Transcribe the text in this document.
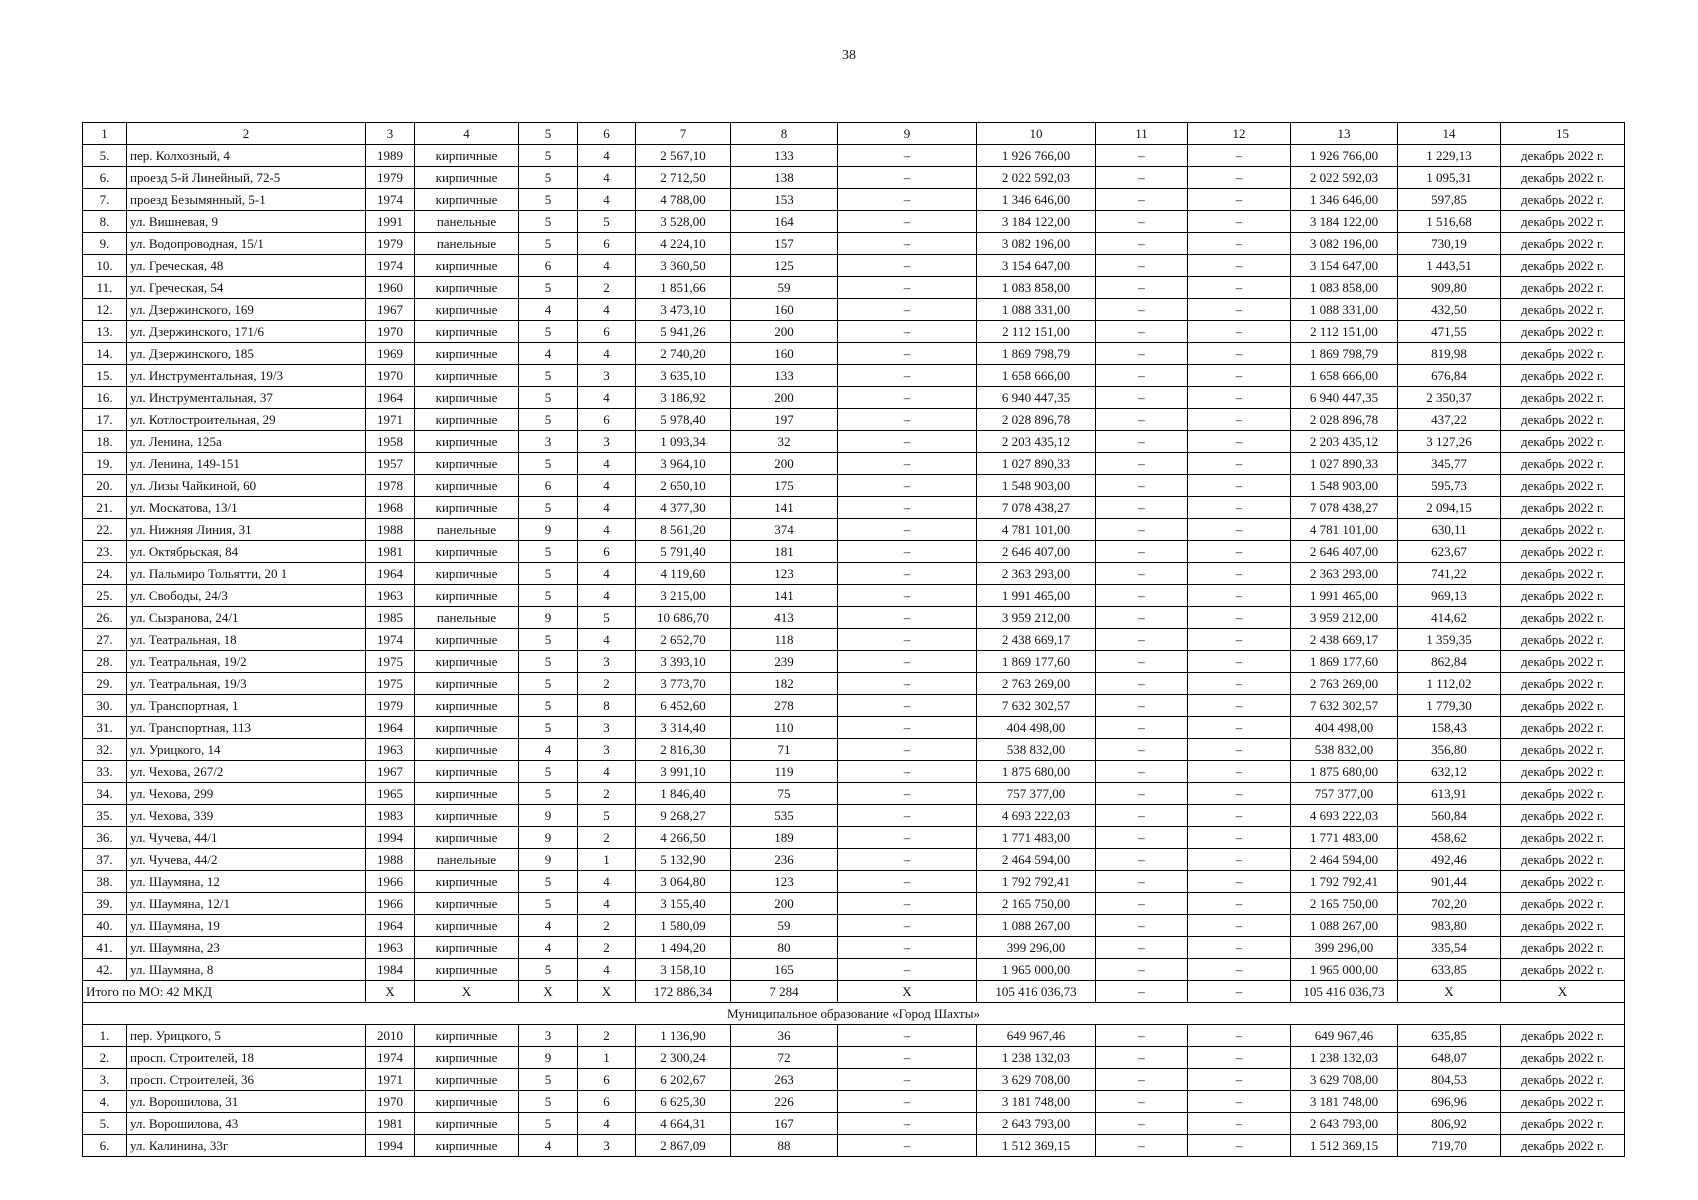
38
1	2	3	4	5	6	7	8	9	10	11	12	13	14	15
5.	пер. Колхозный, 4	1989	кирпичные	5	4	2 567,10	133	–	1 926 766,00	–	–	1 926 766,00	1 229,13	декабрь 2022 г.
6.	проезд 5-й Линейный, 72-5	1979	кирпичные	5	4	2 712,50	138	–	2 022 592,03	–	–	2 022 592,03	1 095,31	декабрь 2022 г.
7.	проезд Безымянный, 5-1	1974	кирпичные	5	4	4 788,00	153	–	1 346 646,00	–	–	1 346 646,00	597,85	декабрь 2022 г.
8.	ул. Вишневая, 9	1991	панельные	5	5	3 528,00	164	–	3 184 122,00	–	–	3 184 122,00	1 516,68	декабрь 2022 г.
9.	ул. Водопроводная, 15/1	1979	панельные	5	6	4 224,10	157	–	3 082 196,00	–	–	3 082 196,00	730,19	декабрь 2022 г.
10.	ул. Греческая, 48	1974	кирпичные	6	4	3 360,50	125	–	3 154 647,00	–	–	3 154 647,00	1 443,51	декабрь 2022 г.
11.	ул. Греческая, 54	1960	кирпичные	5	2	1 851,66	59	–	1 083 858,00	–	–	1 083 858,00	909,80	декабрь 2022 г.
12.	ул. Дзержинского, 169	1967	кирпичные	4	4	3 473,10	160	–	1 088 331,00	–	–	1 088 331,00	432,50	декабрь 2022 г.
13.	ул. Дзержинского, 171/6	1970	кирпичные	5	6	5 941,26	200	–	2 112 151,00	–	–	2 112 151,00	471,55	декабрь 2022 г.
14.	ул. Дзержинского, 185	1969	кирпичные	4	4	2 740,20	160	–	1 869 798,79	–	–	1 869 798,79	819,98	декабрь 2022 г.
15.	ул. Инструментальная, 19/3	1970	кирпичные	5	3	3 635,10	133	–	1 658 666,00	–	–	1 658 666,00	676,84	декабрь 2022 г.
16.	ул. Инструментальная, 37	1964	кирпичные	5	4	3 186,92	200	–	6 940 447,35	–	–	6 940 447,35	2 350,37	декабрь 2022 г.
17.	ул. Котлостроительная, 29	1971	кирпичные	5	6	5 978,40	197	–	2 028 896,78	–	–	2 028 896,78	437,22	декабрь 2022 г.
18.	ул. Ленина, 125а	1958	кирпичные	3	3	1 093,34	32	–	2 203 435,12	–	–	2 203 435,12	3 127,26	декабрь 2022 г.
19.	ул. Ленина, 149-151	1957	кирпичные	5	4	3 964,10	200	–	1 027 890,33	–	–	1 027 890,33	345,77	декабрь 2022 г.
20.	ул. Лизы Чайкиной, 60	1978	кирпичные	6	4	2 650,10	175	–	1 548 903,00	–	–	1 548 903,00	595,73	декабрь 2022 г.
21.	ул. Москатова, 13/1	1968	кирпичные	5	4	4 377,30	141	–	7 078 438,27	–	–	7 078 438,27	2 094,15	декабрь 2022 г.
22.	ул. Нижняя Линия, 31	1988	панельные	9	4	8 561,20	374	–	4 781 101,00	–	–	4 781 101,00	630,11	декабрь 2022 г.
23.	ул. Октябрьская, 84	1981	кирпичные	5	6	5 791,40	181	–	2 646 407,00	–	–	2 646 407,00	623,67	декабрь 2022 г.
24.	ул. Пальмиро Тольятти, 20 1	1964	кирпичные	5	4	4 119,60	123	–	2 363 293,00	–	–	2 363 293,00	741,22	декабрь 2022 г.
25.	ул. Свободы, 24/3	1963	кирпичные	5	4	3 215,00	141	–	1 991 465,00	–	–	1 991 465,00	969,13	декабрь 2022 г.
26.	ул. Сызранова, 24/1	1985	панельные	9	5	10 686,70	413	–	3 959 212,00	–	–	3 959 212,00	414,62	декабрь 2022 г.
27.	ул. Театральная, 18	1974	кирпичные	5	4	2 652,70	118	–	2 438 669,17	–	–	2 438 669,17	1 359,35	декабрь 2022 г.
28.	ул. Театральная, 19/2	1975	кирпичные	5	3	3 393,10	239	–	1 869 177,60	–	–	1 869 177,60	862,84	декабрь 2022 г.
29.	ул. Театральная, 19/3	1975	кирпичные	5	2	3 773,70	182	–	2 763 269,00	–	–	2 763 269,00	1 112,02	декабрь 2022 г.
30.	ул. Транспортная, 1	1979	кирпичные	5	8	6 452,60	278	–	7 632 302,57	–	–	7 632 302,57	1 779,30	декабрь 2022 г.
31.	ул. Транспортная, 113	1964	кирпичные	5	3	3 314,40	110	–	404 498,00	–	–	404 498,00	158,43	декабрь 2022 г.
32.	ул. Урицкого, 14	1963	кирпичные	4	3	2 816,30	71	–	538 832,00	–	–	538 832,00	356,80	декабрь 2022 г.
33.	ул. Чехова, 267/2	1967	кирпичные	5	4	3 991,10	119	–	1 875 680,00	–	–	1 875 680,00	632,12	декабрь 2022 г.
34.	ул. Чехова, 299	1965	кирпичные	5	2	1 846,40	75	–	757 377,00	–	–	757 377,00	613,91	декабрь 2022 г.
35.	ул. Чехова, 339	1983	кирпичные	9	5	9 268,27	535	–	4 693 222,03	–	–	4 693 222,03	560,84	декабрь 2022 г.
36.	ул. Чучева, 44/1	1994	кирпичные	9	2	4 266,50	189	–	1 771 483,00	–	–	1 771 483,00	458,62	декабрь 2022 г.
37.	ул. Чучева, 44/2	1988	панельные	9	1	5 132,90	236	–	2 464 594,00	–	–	2 464 594,00	492,46	декабрь 2022 г.
38.	ул. Шаумяна, 12	1966	кирпичные	5	4	3 064,80	123	–	1 792 792,41	–	–	1 792 792,41	901,44	декабрь 2022 г.
39.	ул. Шаумяна, 12/1	1966	кирпичные	5	4	3 155,40	200	–	2 165 750,00	–	–	2 165 750,00	702,20	декабрь 2022 г.
40.	ул. Шаумяна, 19	1964	кирпичные	4	2	1 580,09	59	–	1 088 267,00	–	–	1 088 267,00	983,80	декабрь 2022 г.
41.	ул. Шаумяна, 23	1963	кирпичные	4	2	1 494,20	80	–	399 296,00	–	–	399 296,00	335,54	декабрь 2022 г.
42.	ул. Шаумяна, 8	1984	кирпичные	5	4	3 158,10	165	–	1 965 000,00	–	–	1 965 000,00	633,85	декабрь 2022 г.
Итого по МО: 42 МКД		X	X	X	X	172 886,34	7 284	X	105 416 036,73	–	–	105 416 036,73	X	X
Муниципальное образование «Город Шахты»														
1.	пер. Урицкого, 5	2010	кирпичные	3	2	1 136,90	36	–	649 967,46	–	–	649 967,46	635,85	декабрь 2022 г.
2.	просп. Строителей, 18	1974	кирпичные	9	1	2 300,24	72	–	1 238 132,03	–	–	1 238 132,03	648,07	декабрь 2022 г.
3.	просп. Строителей, 36	1971	кирпичные	5	6	6 202,67	263	–	3 629 708,00	–	–	3 629 708,00	804,53	декабрь 2022 г.
4.	ул. Ворошилова, 31	1970	кирпичные	5	6	6 625,30	226	–	3 181 748,00	–	–	3 181 748,00	696,96	декабрь 2022 г.
5.	ул. Ворошилова, 43	1981	кирпичные	5	4	4 664,31	167	–	2 643 793,00	–	–	2 643 793,00	806,92	декабрь 2022 г.
6.	ул. Калинина, 33г	1994	кирпичные	4	3	2 867,09	88	–	1 512 369,15	–	–	1 512 369,15	719,70	декабрь 2022 г.
